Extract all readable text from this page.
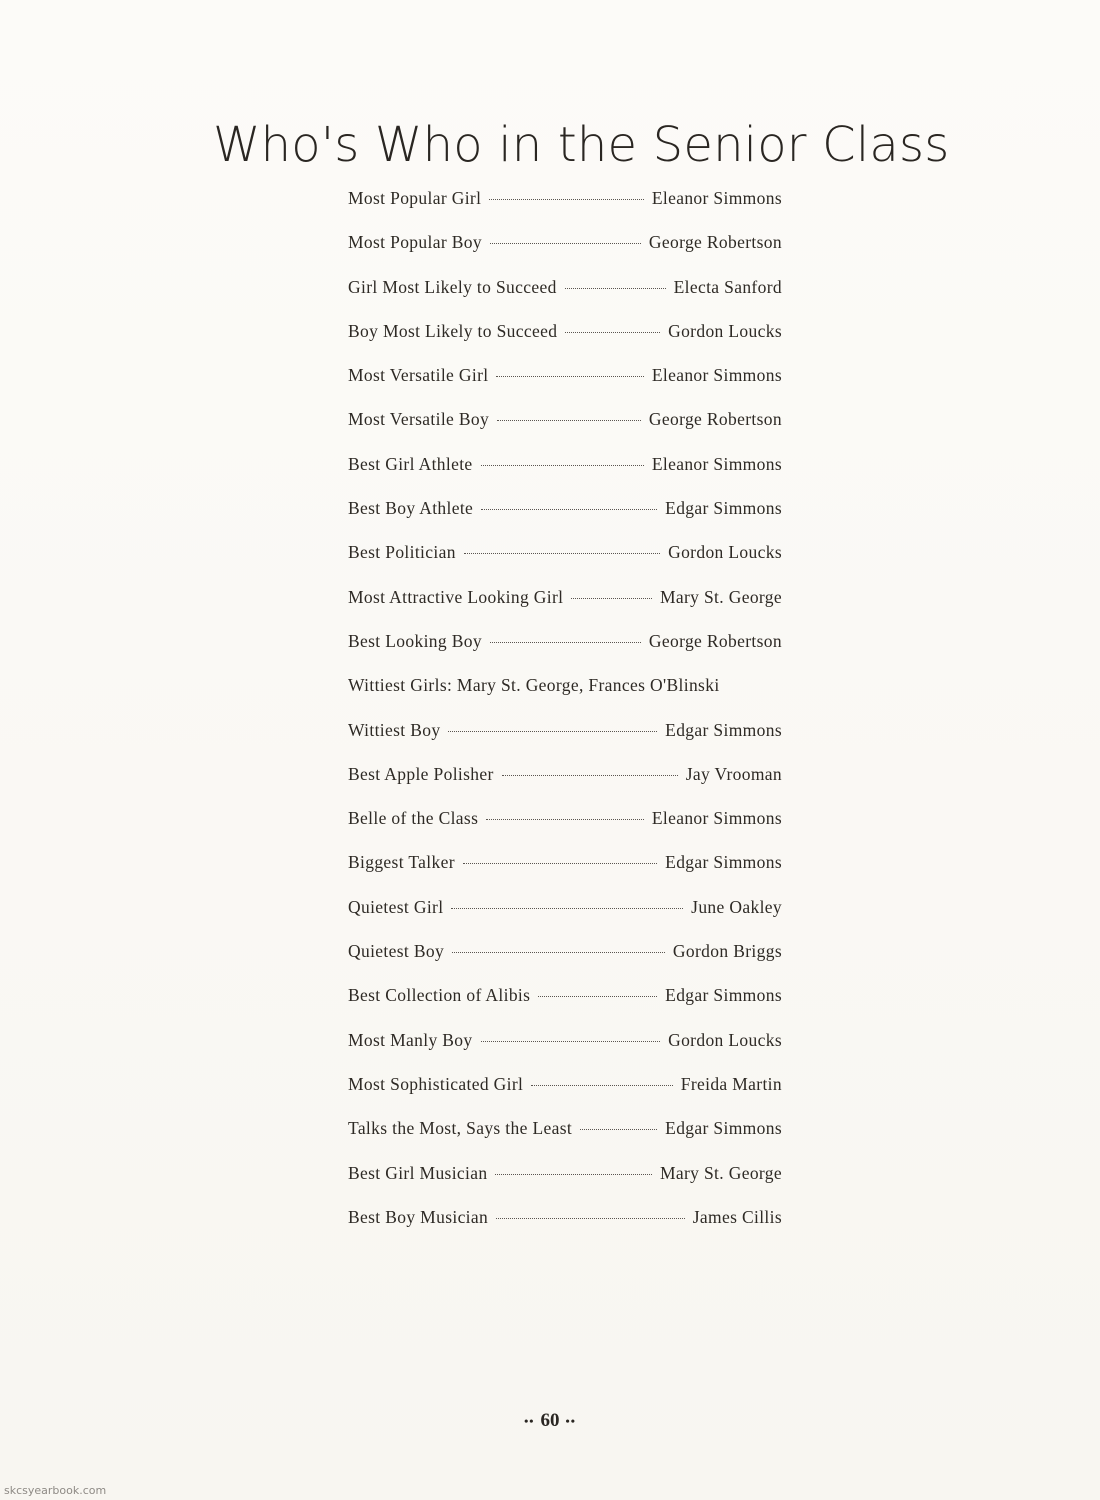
Who's Who in the Senior Class
Most Popular Girl	Eleanor Simmons
Most Popular Boy	George Robertson
Girl Most Likely to Succeed	Electa Sanford
Boy Most Likely to Succeed	Gordon Loucks
Most Versatile Girl	Eleanor Simmons
Most Versatile Boy	George Robertson
Best Girl Athlete	Eleanor Simmons
Best Boy Athlete	Edgar Simmons
Best Politician	Gordon Loucks
Most Attractive Looking Girl	Mary St. George
Best Looking Boy	George Robertson
Wittiest Girls: Mary St. George, Frances O'Blinski
Wittiest Boy	Edgar Simmons
Best Apple Polisher	Jay Vrooman
Belle of the Class	Eleanor Simmons
Biggest Talker	Edgar Simmons
Quietest Girl	June Oakley
Quietest Boy	Gordon Briggs
Best Collection of Alibis	Edgar Simmons
Most Manly Boy	Gordon Loucks
Most Sophisticated Girl	Freida Martin
Talks the Most, Says the Least	Edgar Simmons
Best Girl Musician	Mary St. George
Best Boy Musician	James Cillis
•• 60 ••
skcsyearbook.com
